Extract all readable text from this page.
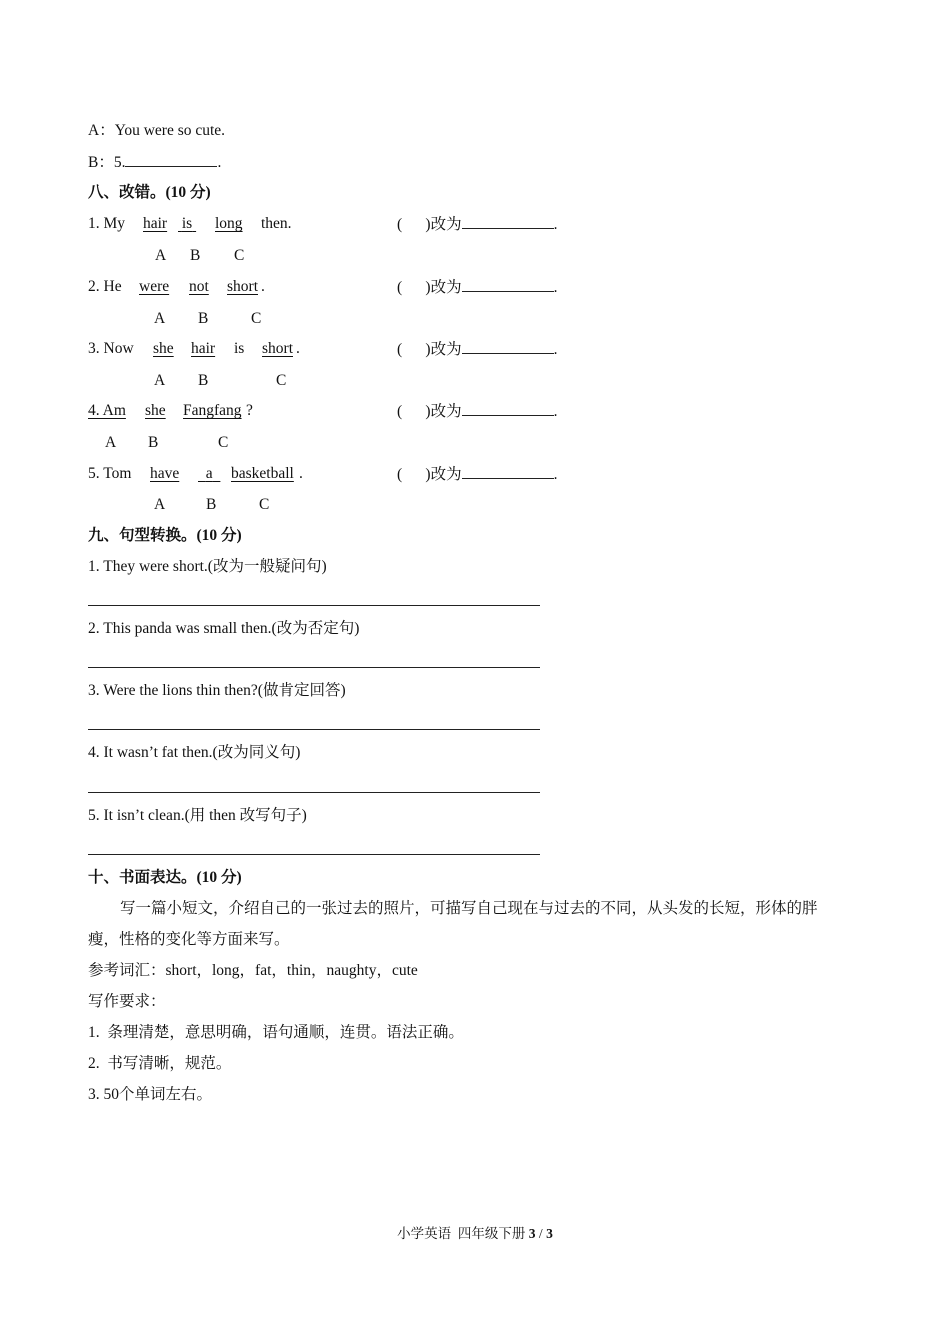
A：You were so cute.
B：5.	.
八、改错。(10 分)
1. My hair is long then.
A B C
(      )改为	.
2. He were not short .
A B	C
(      )改为	.
3. Now she hair is short .
A B	C
(      )改为	.
4. Am she Fangfang ?
A B	C
(      )改为	.
5. Tom have	a	basketball .
A	B	C
(      )改为	.
九、句型转换。(10 分)
1. They were short.(改为一般疑问句)
2. This panda was small then.(改为否定句)
3. Were the lions thin then?(做肯定回答)
4. It wasn’t fat then.(改为同义句)
5. It isn’t clean.(用 then 改写句子)
十、书面表达。(10 分)
写一篇小短文，介绍自己的一张过去的照片，可描写自己现在与过去的不同，从头发的长短，形体的胖
瘦，性格的变化等方面来写。
参考词汇：short，long，fat，thin，naughty，cute
写作要求：
1.  条理清楚，意思明确，语句通顺，连贯。语法正确。
2.  书写清晰，规范。
3. 50个单词左右。
小学英语  四年级下册 3 / 3
